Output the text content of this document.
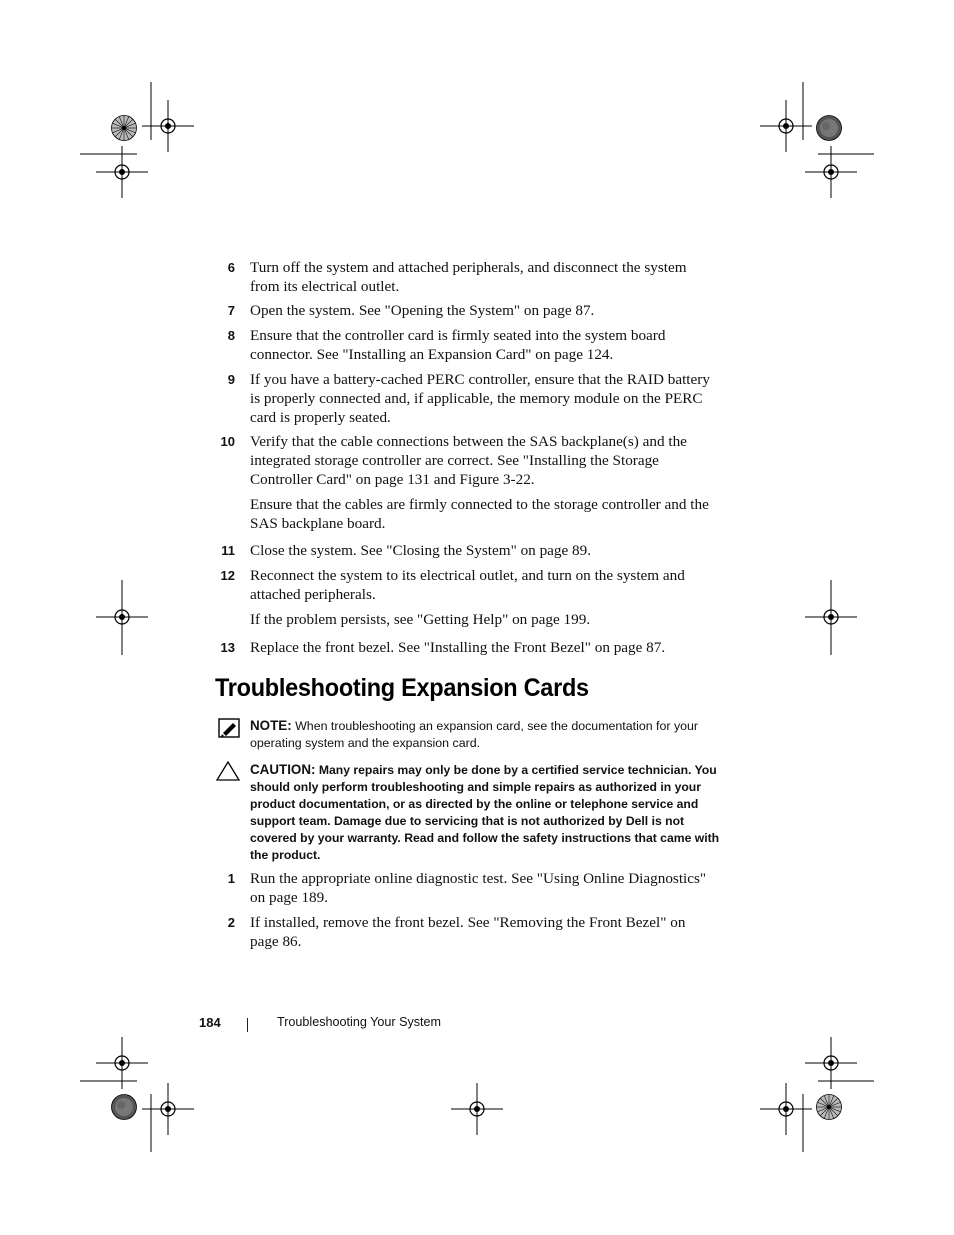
6 Turn off the system and attached peripherals, and disconnect the system from its electrical outlet.
7 Open the system. See "Opening the System" on page 87.
8 Ensure that the controller card is firmly seated into the system board connector. See "Installing an Expansion Card" on page 124.
9 If you have a battery-cached PERC controller, ensure that the RAID battery is properly connected and, if applicable, the memory module on the PERC card is properly seated.
10 Verify that the cable connections between the SAS backplane(s) and the integrated storage controller are correct. See "Installing the Storage Controller Card" on page 131 and Figure 3-22.
Ensure that the cables are firmly connected to the storage controller and the SAS backplane board.
11 Close the system. See "Closing the System" on page 89.
12 Reconnect the system to its electrical outlet, and turn on the system and attached peripherals.
If the problem persists, see "Getting Help" on page 199.
13 Replace the front bezel. See "Installing the Front Bezel" on page 87.
Troubleshooting Expansion Cards
NOTE: When troubleshooting an expansion card, see the documentation for your operating system and the expansion card.
CAUTION: Many repairs may only be done by a certified service technician. You should only perform troubleshooting and simple repairs as authorized in your product documentation, or as directed by the online or telephone service and support team. Damage due to servicing that is not authorized by Dell is not covered by your warranty. Read and follow the safety instructions that came with the product.
1 Run the appropriate online diagnostic test. See "Using Online Diagnostics" on page 189.
2 If installed, remove the front bezel. See "Removing the Front Bezel" on page 86.
184	Troubleshooting Your System
